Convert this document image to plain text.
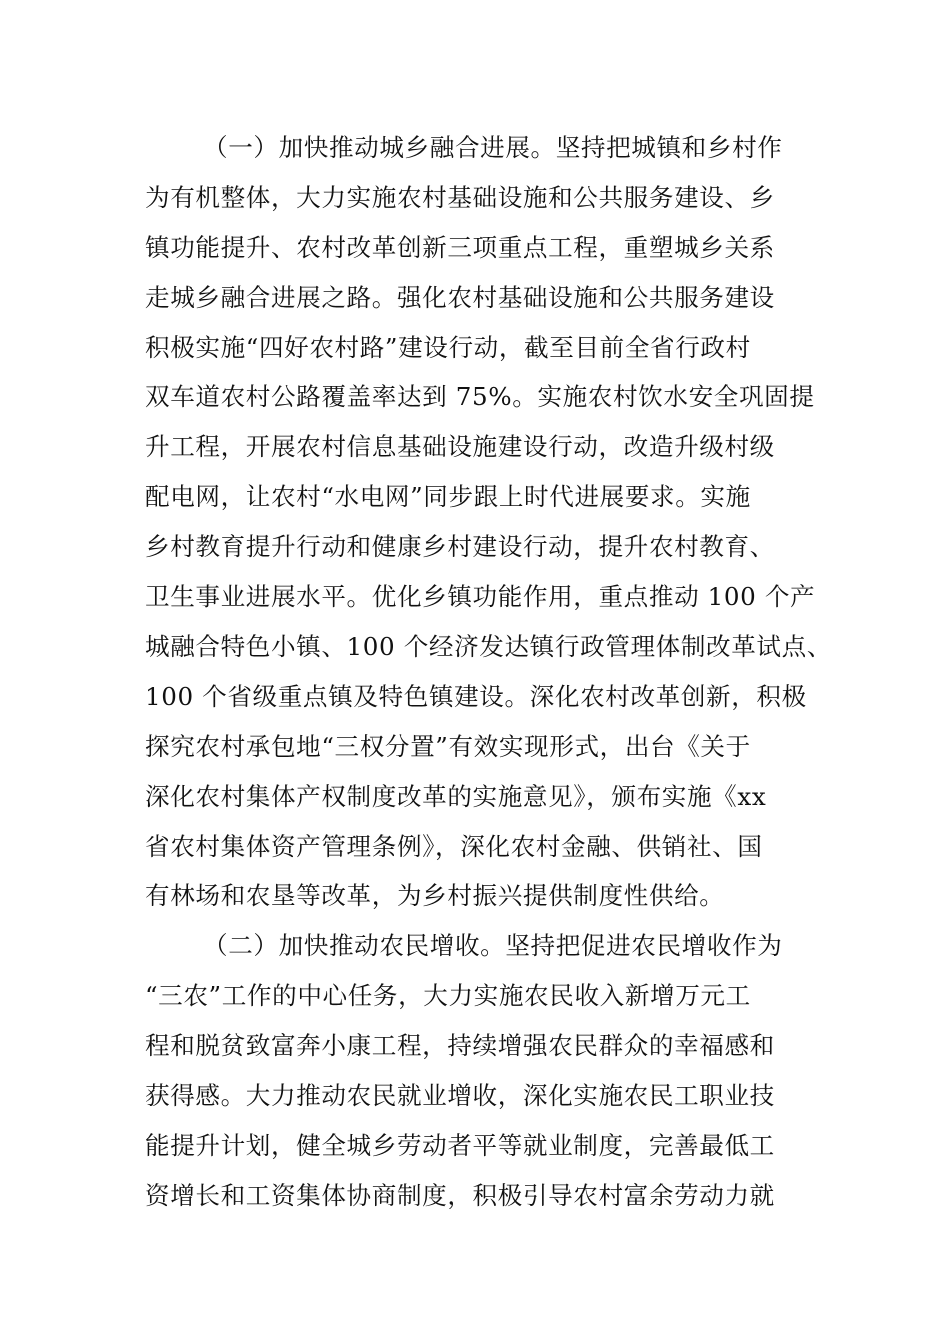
（一）加快推动城乡融合进展。坚持把城镇和乡村作
为有机整体，大力实施农村基础设施和公共服务建设、乡
镇功能提升、农村改革创新三项重点工程，重塑城乡关系
走城乡融合进展之路。强化农村基础设施和公共服务建设
积极实施“四好农村路”建设行动，截至目前全省行政村
双车道农村公路覆盖率达到 75%。实施农村饮水安全巩固提
升工程，开展农村信息基础设施建设行动，改造升级村级
配电网，让农村“水电网”同步跟上时代进展要求。实施
乡村教育提升行动和健康乡村建设行动，提升农村教育、
卫生事业进展水平。优化乡镇功能作用，重点推动 100 个产
城融合特色小镇、100 个经济发达镇行政管理体制改革试点、
100 个省级重点镇及特色镇建设。深化农村改革创新，积极
探究农村承包地“三权分置”有效实现形式，出台《关于
深化农村集体产权制度改革的实施意见》，颁布实施《xx
省农村集体资产管理条例》，深化农村金融、供销社、国
有林场和农垦等改革，为乡村振兴提供制度性供给。
（二）加快推动农民增收。坚持把促进农民增收作为
“三农”工作的中心任务，大力实施农民收入新增万元工
程和脱贫致富奔小康工程，持续增强农民群众的幸福感和
获得感。大力推动农民就业增收，深化实施农民工职业技
能提升计划，健全城乡劳动者平等就业制度，完善最低工
资增长和工资集体协商制度，积极引导农村富余劳动力就
